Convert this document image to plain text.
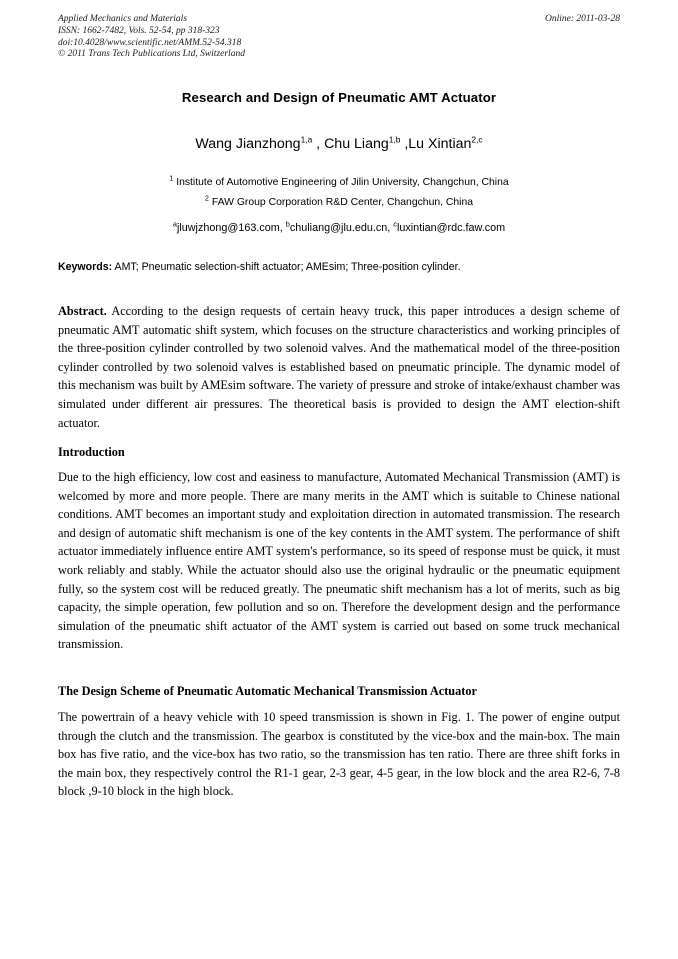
Applied Mechanics and Materials	Online: 2011-03-28
ISSN: 1662-7482, Vols. 52-54, pp 318-323
doi:10.4028/www.scientific.net/AMM.52-54.318
© 2011 Trans Tech Publications Ltd, Switzerland
Research and Design of Pneumatic AMT Actuator
Wang Jianzhong$^{1,a}$ , Chu Liang$^{1,b}$ ,Lu Xintian$^{2,c}$
$^1$ Institute of Automotive Engineering of Jilin University, Changchun, China
$^2$ FAW Group Corporation R&D Center, Changchun, China
$^a$jluwjzhong@163.com, $^b$chuliang@jlu.edu.cn, $^c$luxintian@rdc.faw.com
Keywords: AMT; Pneumatic selection-shift actuator; AMEsim; Three-position cylinder.
Abstract. According to the design requests of certain heavy truck, this paper introduces a design scheme of pneumatic AMT automatic shift system, which focuses on the structure characteristics and working principles of the three-position cylinder controlled by two solenoid valves. And the mathematical model of the three-position cylinder controlled by two solenoid valves is established based on pneumatic principle. The dynamic model of this mechanism was built by AMEsim software. The variety of pressure and stroke of intake/exhaust chamber was simulated under different air pressures. The theoretical basis is provided to design the AMT election-shift actuator.
Introduction
Due to the high efficiency, low cost and easiness to manufacture, Automated Mechanical Transmission (AMT) is welcomed by more and more people. There are many merits in the AMT which is suitable to Chinese national conditions. AMT becomes an important study and exploitation direction in automated transmission. The research and design of automatic shift mechanism is one of the key contents in the AMT system. The performance of shift actuator immediately influence entire AMT system's performance, so its speed of response must be quick, it must work reliably and stably. While the actuator should also use the original hydraulic or the pneumatic equipment fully, so the system cost will be reduced greatly. The pneumatic shift mechanism has a lot of merits, such as big capacity, the simple operation, few pollution and so on. Therefore the development design and the performance simulation of the pneumatic shift actuator of the AMT system is carried out based on some truck mechanical transmission.
The Design Scheme of Pneumatic Automatic Mechanical Transmission Actuator
The powertrain of a heavy vehicle with 10 speed transmission is shown in Fig. 1. The power of engine output through the clutch and the transmission. The gearbox is constituted by the vice-box and the main-box. The main box has five ratio, and the vice-box has two ratio, so the transmission has ten ratio. There are three shift forks in the main box, they respectively control the R1-1 gear, 2-3 gear, 4-5 gear, in the low block and the area R2-6, 7-8 block ,9-10 block in the high block.
